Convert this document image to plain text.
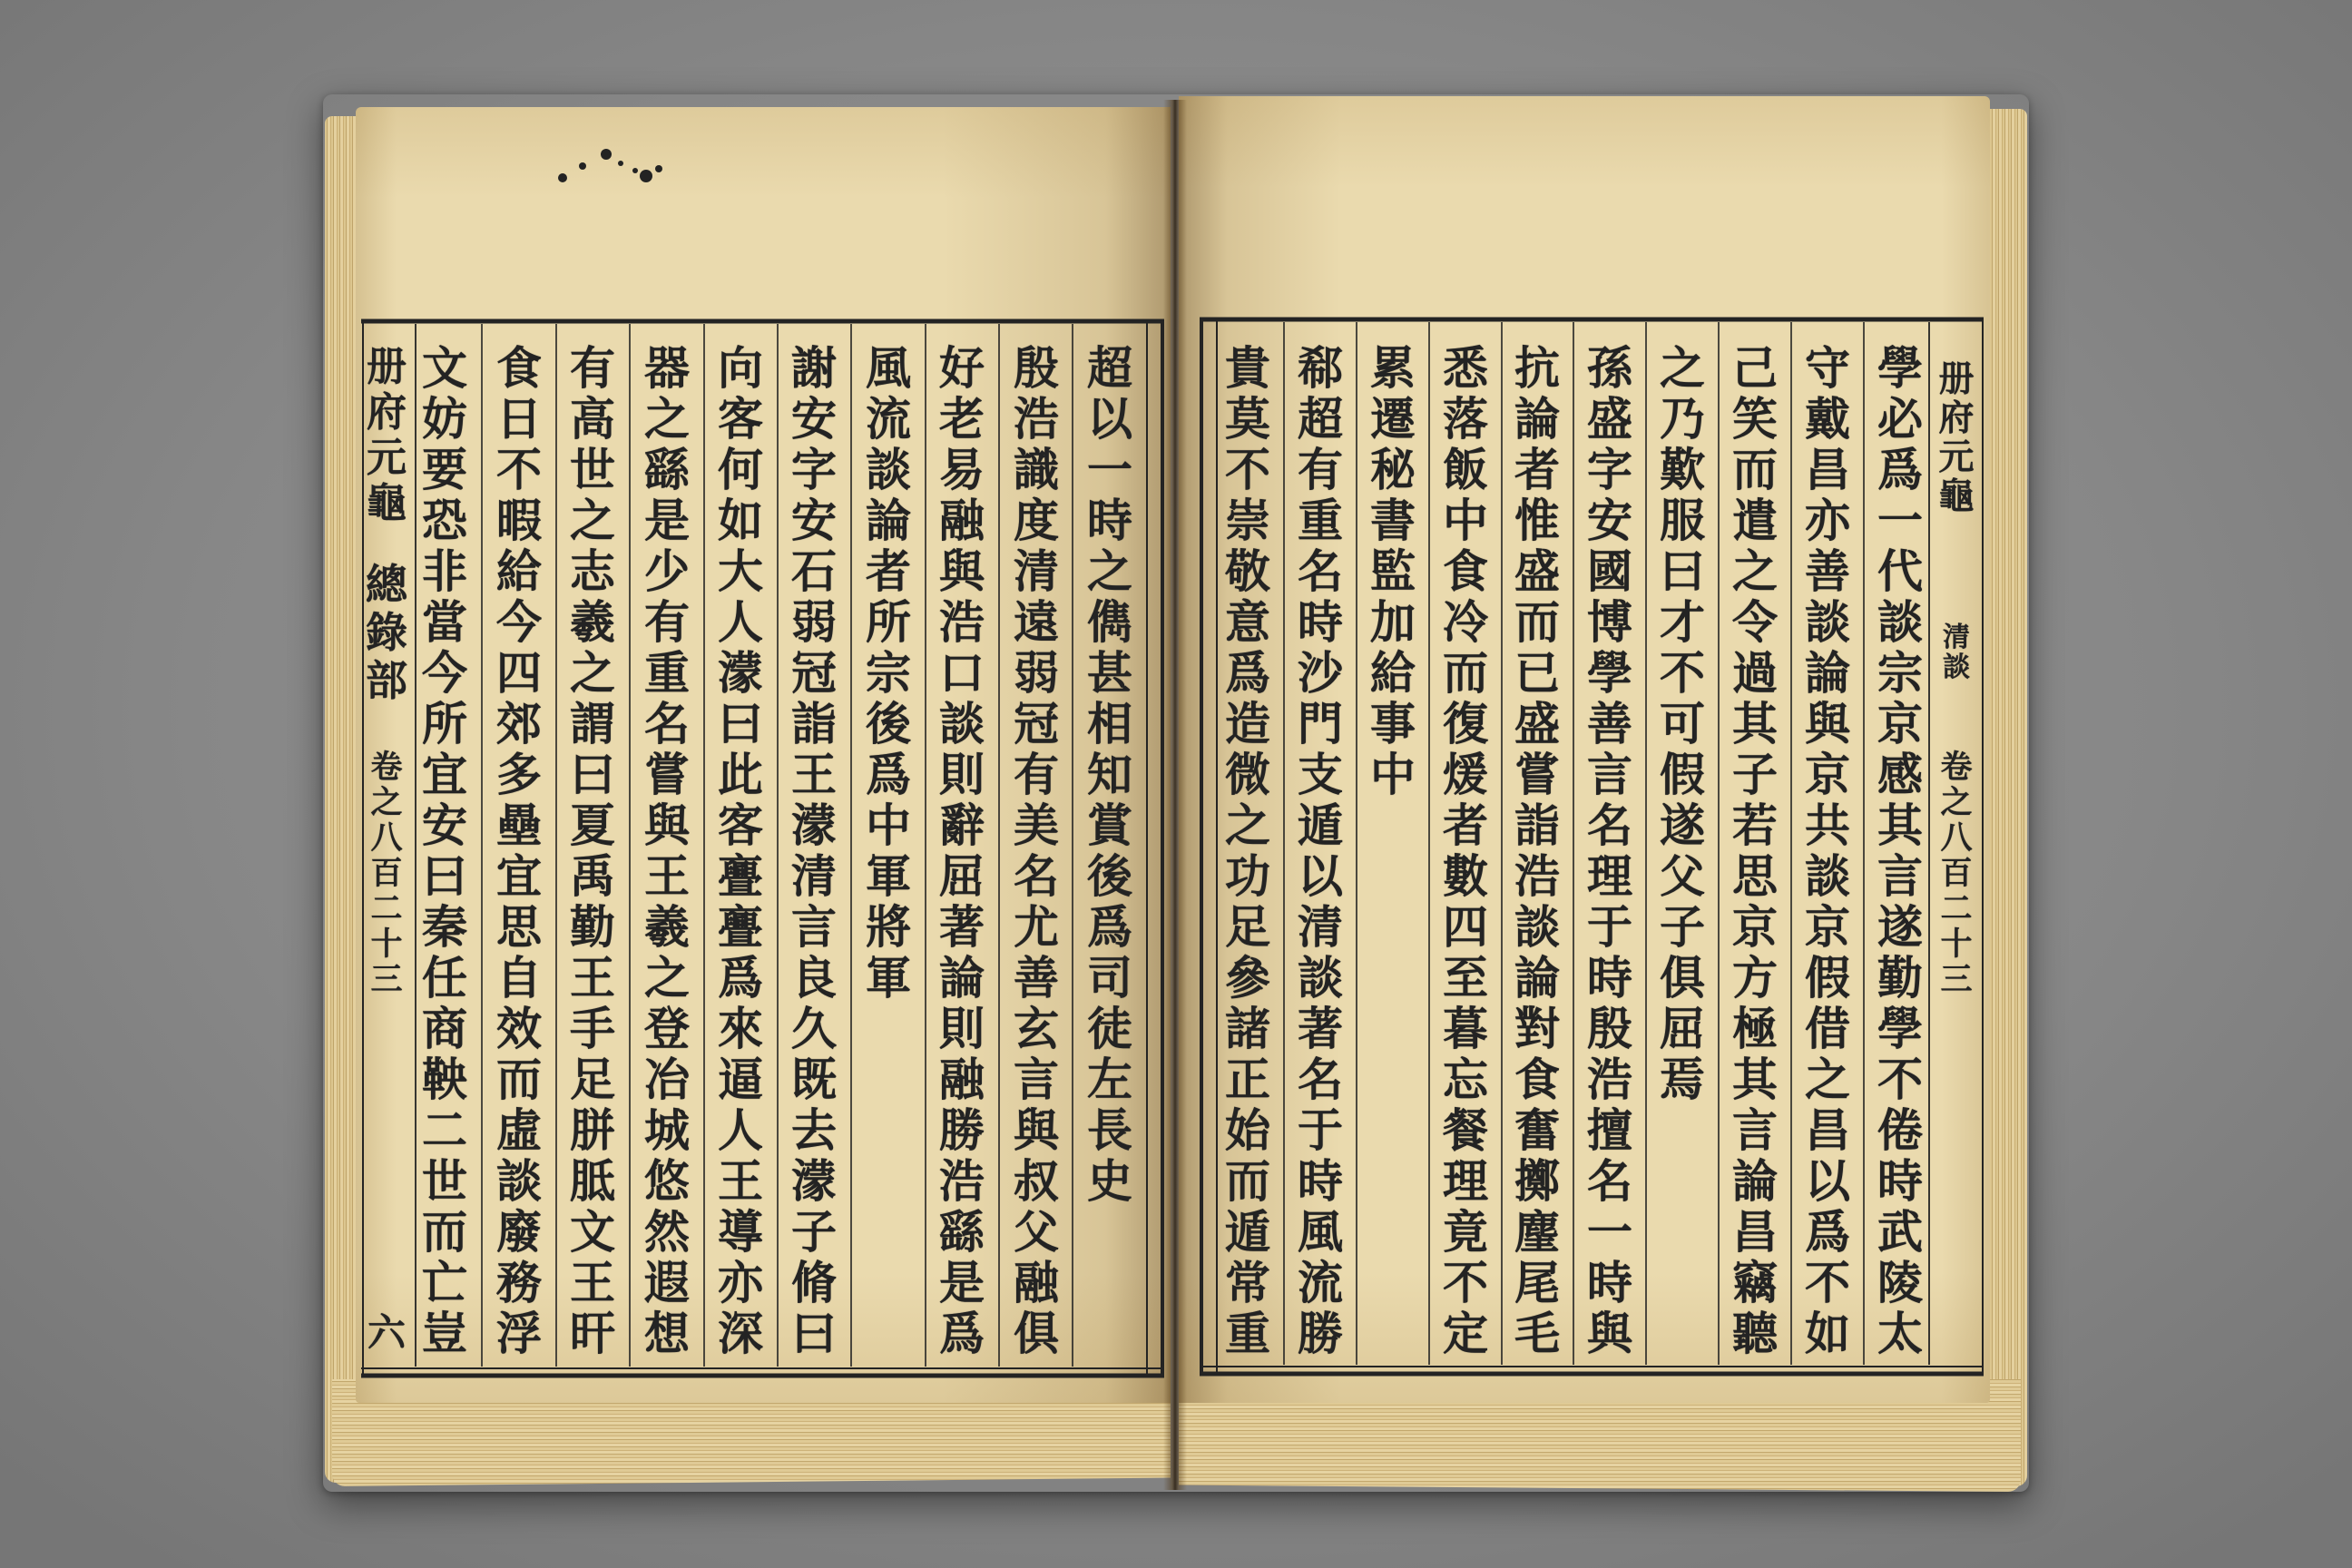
册
府
元
龜
總
錄
部
卷
之
八
百
二
十
三
六
超
以
一
時
之
儁
甚
相
知
賞
後
爲
司
徒
左
長
史
殷
浩
識
度
清
遠
弱
冠
有
美
名
尤
善
玄
言
與
叔
父
融
俱
好
老
易
融
與
浩
口
談
則
辭
屈
著
論
則
融
勝
浩
繇
是
爲
風
流
談
論
者
所
宗
後
爲
中
軍
將
軍
謝
安
字
安
石
弱
冠
詣
王
濛
清
言
良
久
既
去
濛
子
脩
曰
向
客
何
如
大
人
濛
曰
此
客
亹
亹
爲
來
逼
人
王
導
亦
深
器
之
繇
是
少
有
重
名
嘗
與
王
羲
之
登
冶
城
悠
然
遐
想
有
高
世
之
志
羲
之
謂
曰
夏
禹
勤
王
手
足
胼
胝
文
王
旰
食
日
不
暇
給
今
四
郊
多
壘
宜
思
自
效
而
虛
談
廢
務
浮
文
妨
要
恐
非
當
今
所
宜
安
曰
秦
任
商
鞅
二
世
而
亡
豈
册
府
元
龜
清
談
卷
之
八
百
二
十
三
學
必
爲
一
代
談
宗
京
感
其
言
遂
勤
學
不
倦
時
武
陵
太
守
戴
昌
亦
善
談
論
與
京
共
談
京
假
借
之
昌
以
爲
不
如
己
笑
而
遣
之
令
過
其
子
若
思
京
方
極
其
言
論
昌
竊
聽
之
乃
歎
服
曰
才
不
可
假
遂
父
子
俱
屈
焉
孫
盛
字
安
國
博
學
善
言
名
理
于
時
殷
浩
擅
名
一
時
與
抗
論
者
惟
盛
而
已
盛
嘗
詣
浩
談
論
對
食
奮
擲
麈
尾
毛
悉
落
飯
中
食
冷
而
復
煖
者
數
四
至
暮
忘
餐
理
竟
不
定
累
遷
秘
書
監
加
給
事
中
郗
超
有
重
名
時
沙
門
支
遁
以
清
談
著
名
于
時
風
流
勝
貴
莫
不
崇
敬
意
爲
造
微
之
功
足
參
諸
正
始
而
遁
常
重
